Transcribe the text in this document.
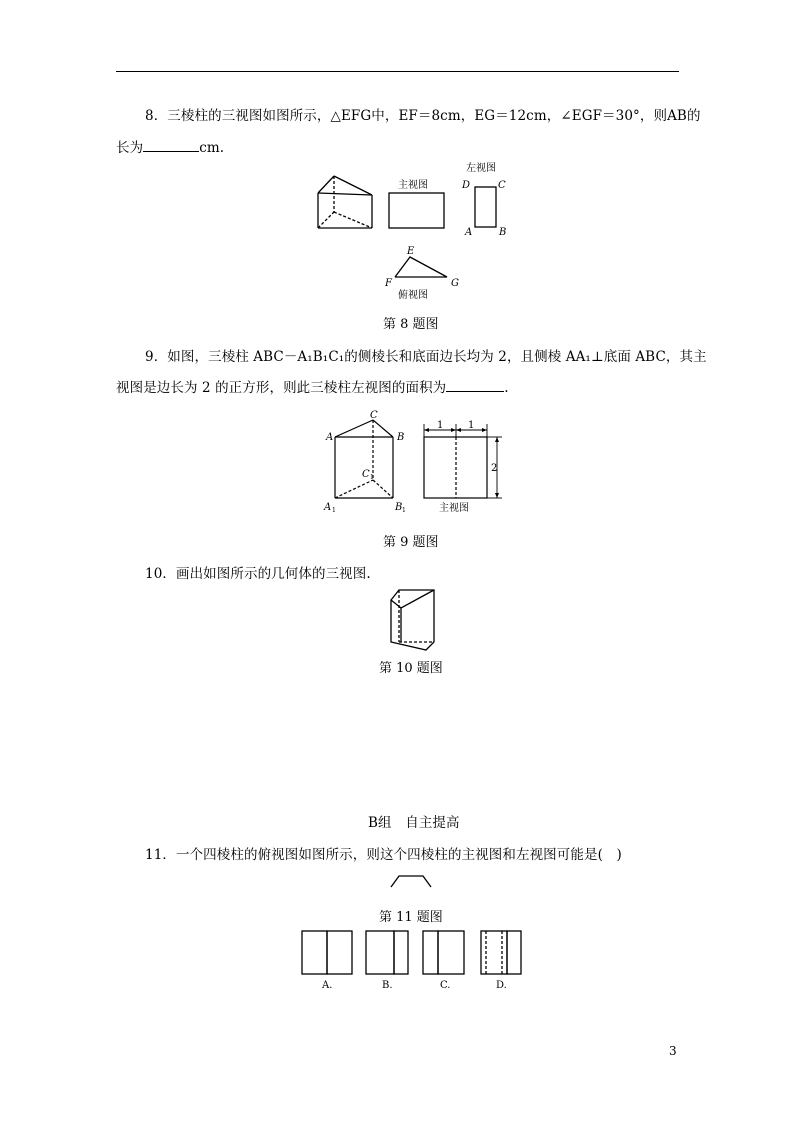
8．三棱柱的三视图如图所示，△EFG中，EF＝8cm，EG＝12cm，∠EGF＝30°，则AB的
长为	cm.
主视图
左视图
俯视图
D	C
A	B
E
F	G
第 8 题图
9．如图，三棱柱 ABC－A₁B₁C₁的侧棱长和底面边长均为 2，且侧棱 AA₁⊥底面 ABC，其主
视图是边长为 2 的正方形，则此三棱柱左视图的面积为	.
C
A	B
C
A	B
1
1	1
1 1
2
主视图
第 9 题图
10．画出如图所示的几何体的三视图.
第 10 题图
B组　自主提高
11．一个四棱柱的俯视图如图所示，则这个四棱柱的主视图和左视图可能是(　)
A.	B.	C.	D.
第 11 题图
3
